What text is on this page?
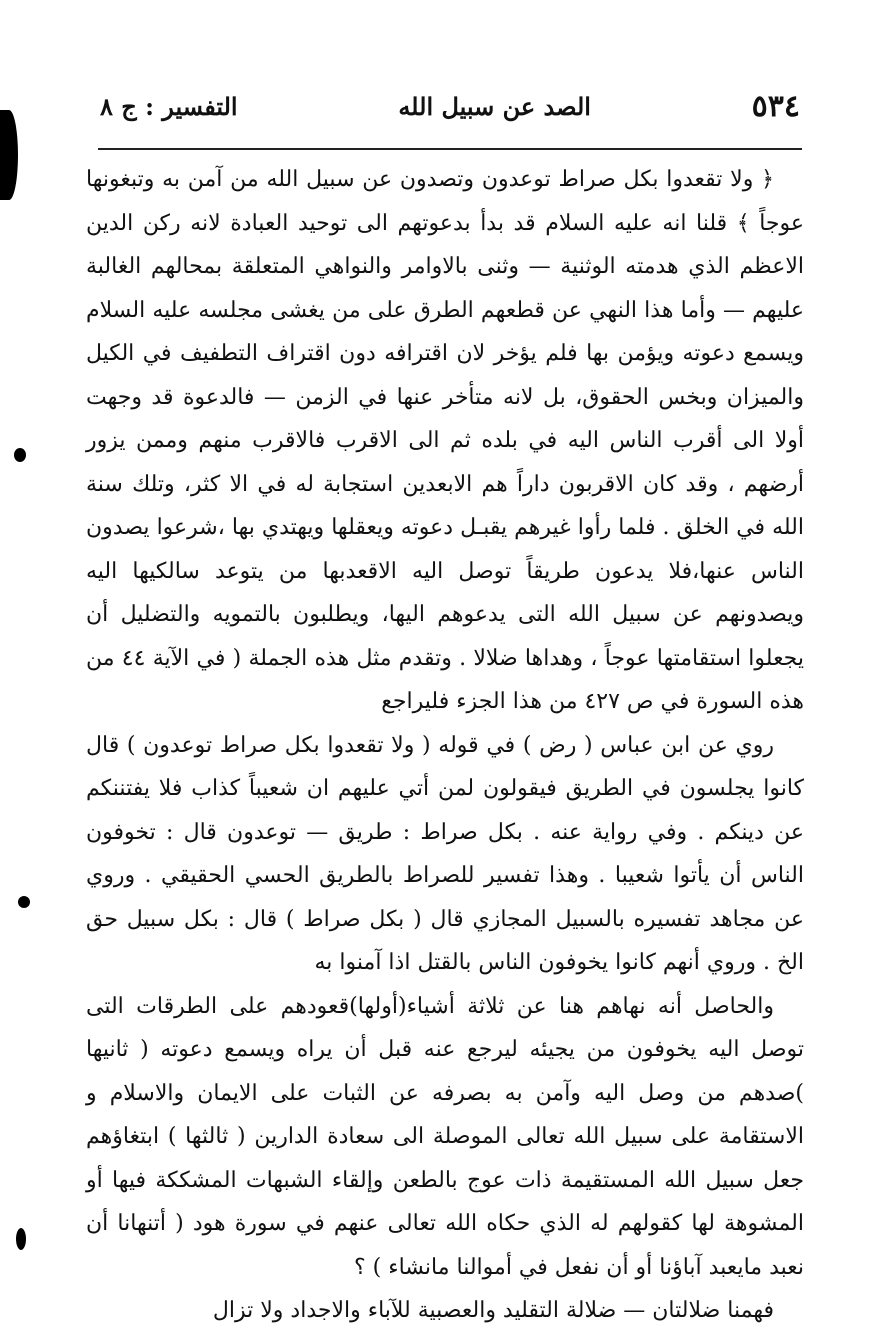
٥٣٤
الصد عن سبيل الله
التفسير : ج ٨

﴿ ولا تقعدوا بكل صراط توعدون وتصدون عن سبيل الله من آمن به وتبغونها عوجاً ﴾ قلنا انه عليه السلام قد بدأ بدعوتهم الى توحيد العبادة لانه ركن الدين الاعظم الذي هدمته الوثنية — وثنى بالاوامر والنواهي المتعلقة بمحالهم الغالبة عليهم — وأما هذا النهي عن قطعهم الطرق على من يغشى مجلسه عليه السلام ويسمع دعوته ويؤمن بها فلم يؤخر لان اقترافه دون اقتراف التطفيف في الكيل والميزان وبخس الحقوق، بل لانه متأخر عنها في الزمن — فالدعوة قد وجهت أولا الى أقرب الناس اليه في بلده ثم الى الاقرب فالاقرب منهم وممن يزور أرضهم ، وقد كان الاقربون داراً هم الابعدين استجابة له في الا كثر، وتلك سنة الله في الخلق . فلما رأوا غيرهم يقبـل دعوته ويعقلها ويهتدي بها ،شرعوا يصدون الناس عنها،فلا يدعون طريقاً توصل اليه الاقعدبها من يتوعد سالكيها اليه ويصدونهم عن سبيل الله التى يدعوهم اليها، ويطلبون بالتمويه والتضليل أن يجعلوا استقامتها عوجاً ، وهداها ضلالا . وتقدم مثل هذه الجملة ( في الآية ٤٤ من هذه السورة في ص ٤٢٧ من هذا الجزء فليراجع

روي عن ابن عباس ( رض ) في قوله ( ولا تقعدوا بكل صراط توعدون ) قال كانوا يجلسون في الطريق فيقولون لمن أتي عليهم ان شعيباً كذاب فلا يفتننكم عن دينكم . وفي رواية عنه . بكل صراط : طريق — توعدون قال : تخوفون الناس أن يأتوا شعيبا . وهذا تفسير للصراط بالطريق الحسي الحقيقي . وروي عن مجاهد تفسيره بالسبيل المجازي قال ( بكل صراط ) قال : بكل سبيل حق الخ . وروي أنهم كانوا يخوفون الناس بالقتل اذا آمنوا به

والحاصل أنه نهاهم هنا عن ثلاثة أشياء(أولها)قعودهم على الطرقات التى توصل اليه يخوفون من يجيئه ليرجع عنه قبل أن يراه ويسمع دعوته ( ثانيها )صدهم من وصل اليه وآمن به بصرفه عن الثبات على الايمان والاسلام و الاستقامة على سبيل الله تعالى الموصلة الى سعادة الدارين ( ثالثها ) ابتغاؤهم جعل سبيل الله المستقيمة ذات عوج بالطعن وإلقاء الشبهات المشككة فيها أو المشوهة لها كقولهم له الذي حكاه الله تعالى عنهم في سورة هود ( أتنهانا أن نعبد مايعبد آباؤنا أو أن نفعل في أموالنا مانشاء ) ؟

فهمنا ضلالتان — ضلالة التقليد والعصبية للآباء والاجداد ولا تزال
